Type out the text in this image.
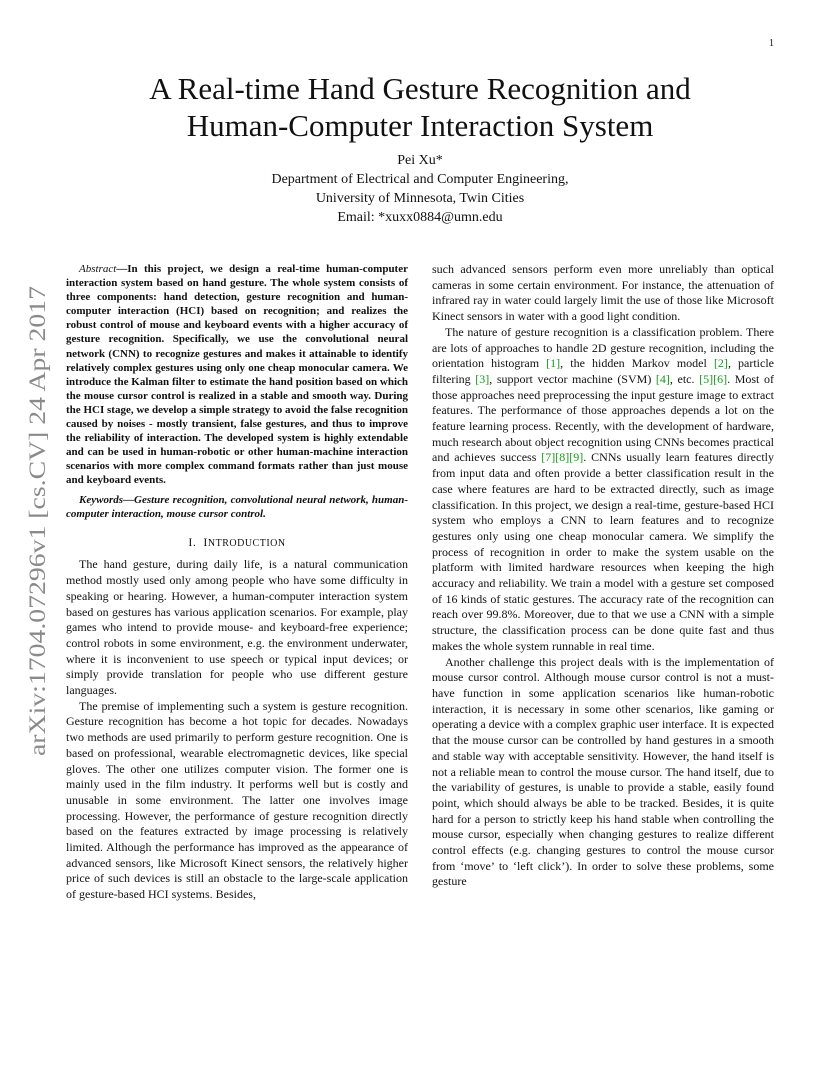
1
arXiv:1704.07296v1 [cs.CV] 24 Apr 2017
A Real-time Hand Gesture Recognition and
Human-Computer Interaction System
Pei Xu*
Department of Electrical and Computer Engineering,
University of Minnesota, Twin Cities
Email: *xuxx0884@umn.edu

Abstract—In this project, we design a real-time human-computer interaction system based on hand gesture. The whole system consists of three components: hand detection, gesture recognition and human-computer interaction (HCI) based on recognition; and realizes the robust control of mouse and keyboard events with a higher accuracy of gesture recognition. Specifically, we use the convolutional neural network (CNN) to recognize gestures and makes it attainable to identify relatively complex gestures using only one cheap monocular camera. We introduce the Kalman filter to estimate the hand position based on which the mouse cursor control is realized in a stable and smooth way. During the HCI stage, we develop a simple strategy to avoid the false recognition caused by noises - mostly transient, false gestures, and thus to improve the reliability of interaction. The developed system is highly extendable and can be used in human-robotic or other human-machine interaction scenarios with more complex command formats rather than just mouse and keyboard events.

Keywords—Gesture recognition, convolutional neural network, human-computer interaction, mouse cursor control.

I. INTRODUCTION

The hand gesture, during daily life, is a natural communication method mostly used only among people who have some difficulty in speaking or hearing. However, a human-computer interaction system based on gestures has various application scenarios. For example, play games who intend to provide mouse- and keyboard-free experience; control robots in some environment, e.g. the environment underwater, where it is inconvenient to use speech or typical input devices; or simply provide translation for people who use different gesture languages.

The premise of implementing such a system is gesture recognition. Gesture recognition has become a hot topic for decades. Nowadays two methods are used primarily to perform gesture recognition. One is based on professional, wearable electromagnetic devices, like special gloves. The other one utilizes computer vision. The former one is mainly used in the film industry. It performs well but is costly and unusable in some environment. The latter one involves image processing. However, the performance of gesture recognition directly based on the features extracted by image processing is relatively limited. Although the performance has improved as the appearance of advanced sensors, like Microsoft Kinect sensors, the relatively higher price of such devices is still an obstacle to the large-scale application of gesture-based HCI systems. Besides,

such advanced sensors perform even more unreliably than optical cameras in some certain environment. For instance, the attenuation of infrared ray in water could largely limit the use of those like Microsoft Kinect sensors in water with a good light condition.

The nature of gesture recognition is a classification problem. There are lots of approaches to handle 2D gesture recognition, including the orientation histogram [1], the hidden Markov model [2], particle filtering [3], support vector machine (SVM) [4], etc. [5][6]. Most of those approaches need preprocessing the input gesture image to extract features. The performance of those approaches depends a lot on the feature learning process. Recently, with the development of hardware, much research about object recognition using CNNs becomes practical and achieves success [7][8][9]. CNNs usually learn features directly from input data and often provide a better classification result in the case where features are hard to be extracted directly, such as image classification. In this project, we design a real-time, gesture-based HCI system who employs a CNN to learn features and to recognize gestures only using one cheap monocular camera. We simplify the process of recognition in order to make the system usable on the platform with limited hardware resources when keeping the high accuracy and reliability. We train a model with a gesture set composed of 16 kinds of static gestures. The accuracy rate of the recognition can reach over 99.8%. Moreover, due to that we use a CNN with a simple structure, the classification process can be done quite fast and thus makes the whole system runnable in real time.

Another challenge this project deals with is the implementation of mouse cursor control. Although mouse cursor control is not a must-have function in some application scenarios like human-robotic interaction, it is necessary in some other scenarios, like gaming or operating a device with a complex graphic user interface. It is expected that the mouse cursor can be controlled by hand gestures in a smooth and stable way with acceptable sensitivity. However, the hand itself is not a reliable mean to control the mouse cursor. The hand itself, due to the variability of gestures, is unable to provide a stable, easily found point, which should always be able to be tracked. Besides, it is quite hard for a person to strictly keep his hand stable when controlling the mouse cursor, especially when changing gestures to realize different control effects (e.g. changing gestures to control the mouse cursor from ‘move’ to ‘left click’). In order to solve these problems, some gesture
